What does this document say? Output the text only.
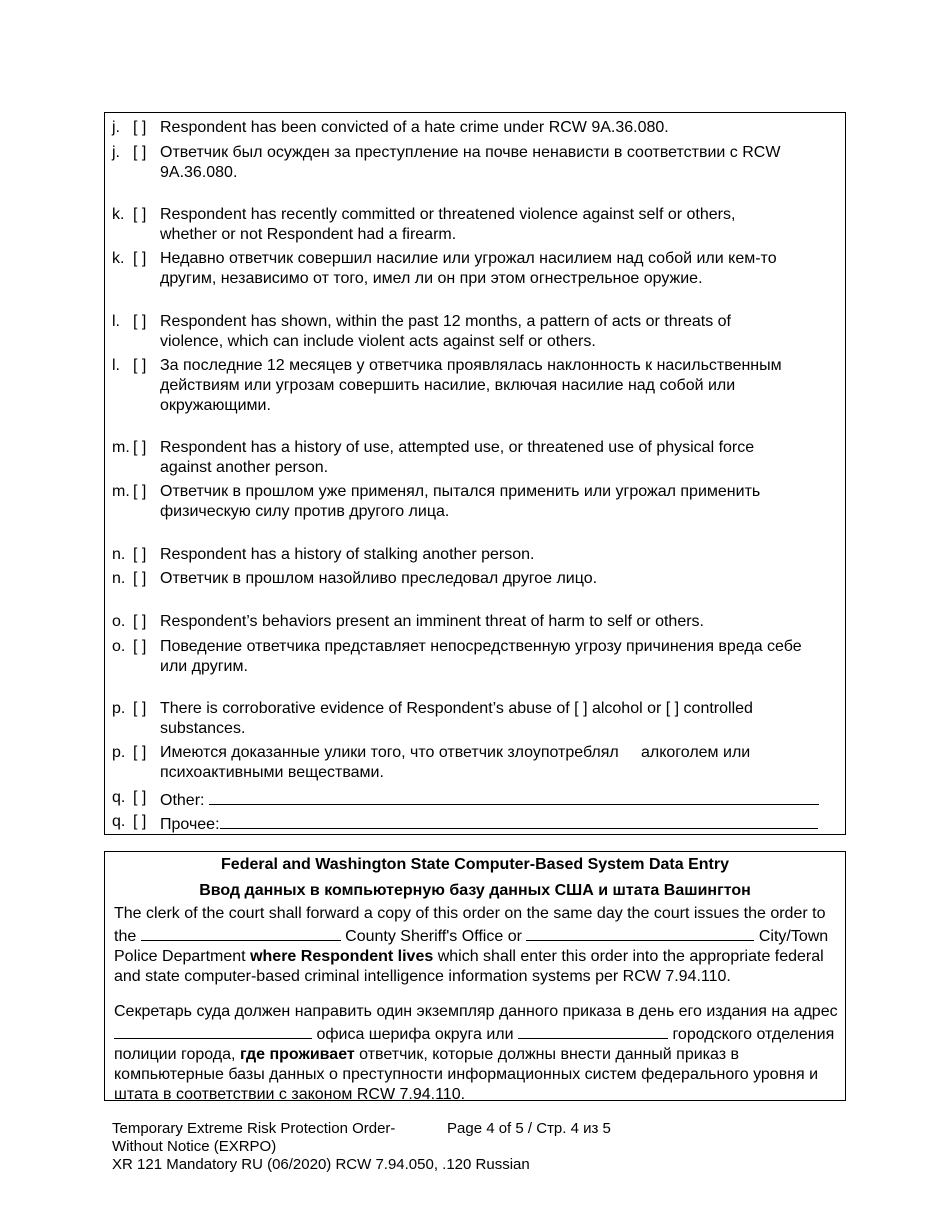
j. [ ] Respondent has been convicted of a hate crime under RCW 9A.36.080.
j. [ ] Ответчик был осужден за преступление на почве ненависти в соответствии с RCW 9A.36.080.
k. [ ] Respondent has recently committed or threatened violence against self or others, whether or not Respondent had a firearm.
k. [ ] Недавно ответчик совершил насилие или угрожал насилием над собой или кем-то другим, независимо от того, имел ли он при этом огнестрельное оружие.
l. [ ] Respondent has shown, within the past 12 months, a pattern of acts or threats of violence, which can include violent acts against self or others.
l. [ ] За последние 12 месяцев у ответчика проявлялась наклонность к насильственным действиям или угрозам совершить насилие, включая насилие над собой или окружающими.
m. [ ] Respondent has a history of use, attempted use, or threatened use of physical force against another person.
m. [ ] Ответчик в прошлом уже применял, пытался применить или угрожал применить физическую силу против другого лица.
n. [ ] Respondent has a history of stalking another person.
n. [ ] Ответчик в прошлом назойливо преследовал другое лицо.
o. [ ] Respondent’s behaviors present an imminent threat of harm to self or others.
o. [ ] Поведение ответчика представляет непосредственную угрозу причинения вреда себе или другим.
p. [ ] There is corroborative evidence of Respondent’s abuse of [ ] alcohol or [ ] controlled substances.
p. [ ] Имеются доказанные улики того, что ответчик злоупотреблял     алкоголем или психоактивными веществами.
q. [ ] Other:
q. [ ] Прочее:
Federal and Washington State Computer-Based System Data Entry
Ввод данных в компьютерную базу данных США и штата Вашингтон
The clerk of the court shall forward a copy of this order on the same day the court issues the order to the	County Sheriff's Office or	City/Town Police Department where Respondent lives which shall enter this order into the appropriate federal and state computer-based criminal intelligence information systems per RCW 7.94.110.
Секретарь суда должен направить один экземпляр данного приказа в день его издания на адрес  офиса шерифа округа или	городского отделения полиции города, где проживает ответчик, которые должны внести данный приказ в компьютерные базы данных о преступности информационных систем федерального уровня и штата в соответствии с законом RCW 7.94.110.
Temporary Extreme Risk Protection Order-
Without Notice (EXRPO)
XR 121 Mandatory RU (06/2020) RCW 7.94.050, .120 Russian
Page 4 of 5 / Стр. 4 из 5
